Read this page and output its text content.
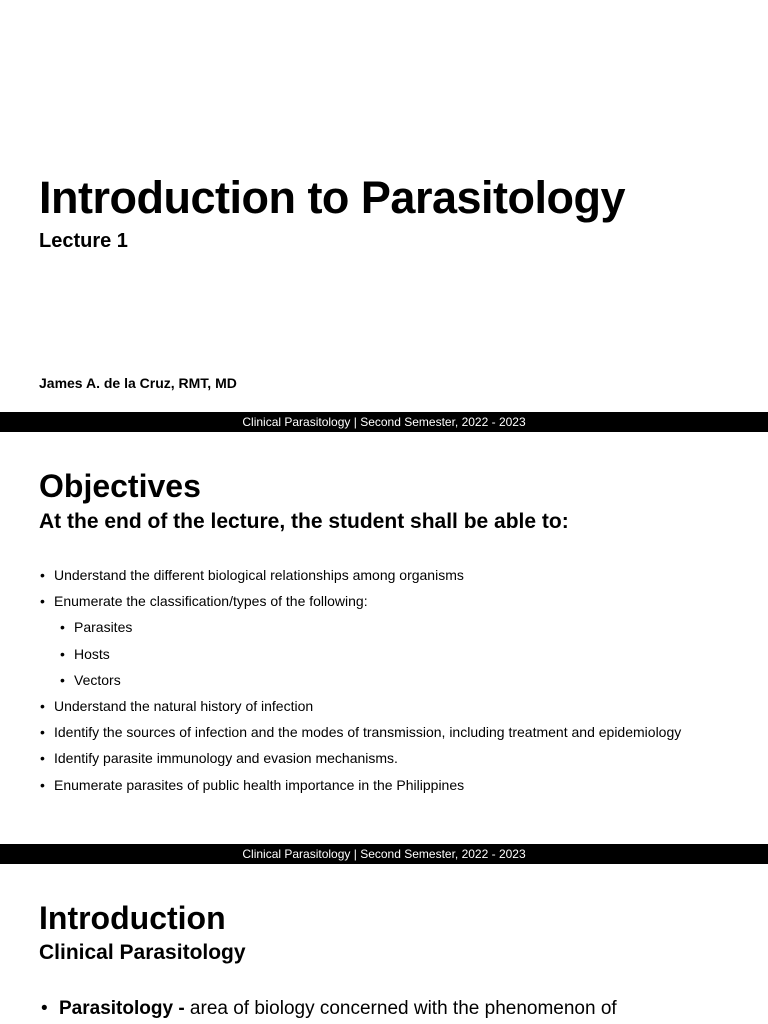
Introduction to Parasitology
Lecture 1

James A. de la Cruz, RMT, MD

Clinical Parasitology | Second Semester, 2022 - 2023
Objectives
At the end of the lecture, the student shall be able to:
• Understand the different biological relationships among organisms
• Enumerate the classification/types of the following:
• Parasites
• Hosts
• Vectors
• Understand the natural history of infection
• Identify the sources of infection and the modes of transmission, including treatment and epidemiology
• Identify parasite immunology and evasion mechanisms.
• Enumerate parasites of public health importance in the Philippines
Clinical Parasitology | Second Semester, 2022 - 2023
Introduction
Clinical Parasitology

• Parasitology - area of biology concerned with the phenomenon of
